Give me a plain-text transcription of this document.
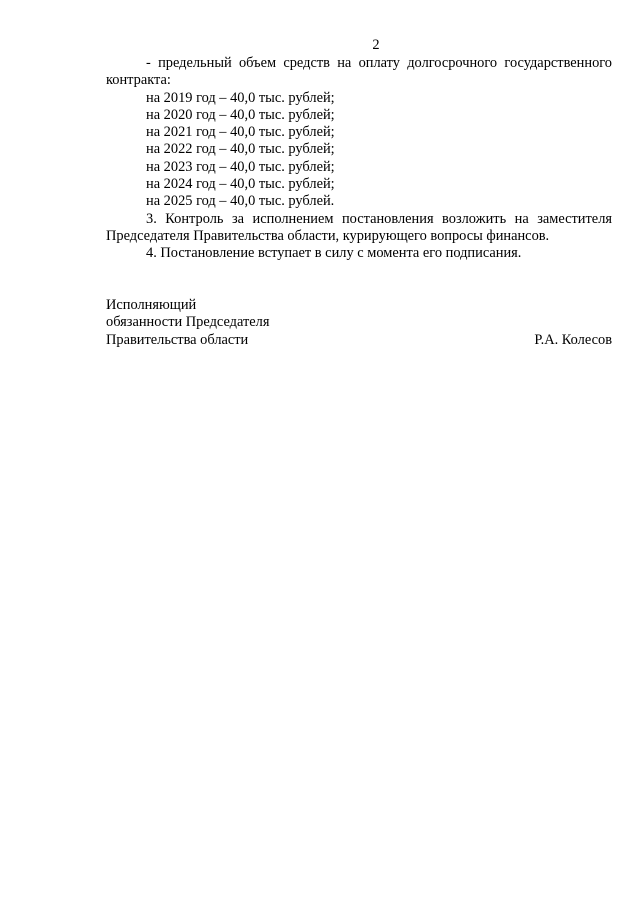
2

- предельный объем средств на оплату долгосрочного государственного контракта:

на 2019 год – 40,0 тыс. рублей;
на 2020 год – 40,0 тыс. рублей;
на 2021 год – 40,0 тыс. рублей;
на 2022 год – 40,0 тыс. рублей;
на 2023 год – 40,0 тыс. рублей;
на 2024 год – 40,0 тыс. рублей;
на 2025 год – 40,0 тыс. рублей.

3. Контроль за исполнением постановления возложить на заместителя Председателя Правительства области, курирующего вопросы финансов.

4. Постановление вступает в силу с момента его подписания.

Исполняющий
обязанности Председателя
Правительства области	Р.А. Колесов
